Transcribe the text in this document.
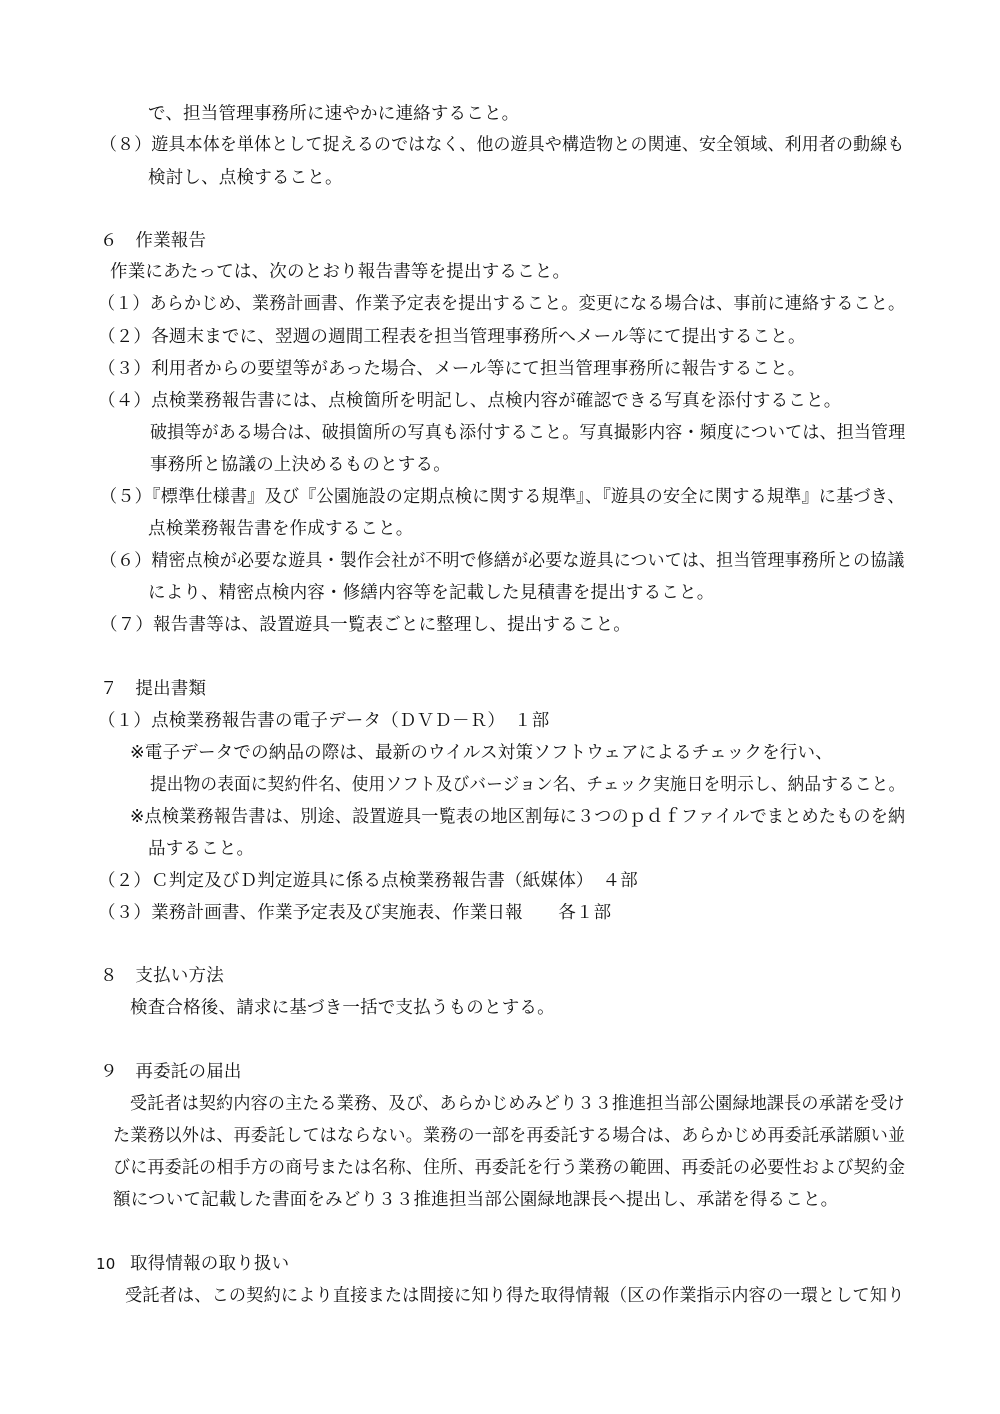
で、担当管理事務所に速やかに連絡すること。
（８）遊具本体を単体として捉えるのではなく、他の遊具や構造物との関連、安全領域、利用者の動線も
検討し、点検すること。
６　作業報告
作業にあたっては、次のとおり報告書等を提出すること。
（１）あらかじめ、業務計画書、作業予定表を提出すること。変更になる場合は、事前に連絡すること。
（２）各週末までに、翌週の週間工程表を担当管理事務所へメール等にて提出すること。
（３）利用者からの要望等があった場合、メール等にて担当管理事務所に報告すること。
（４）点検業務報告書には、点検箇所を明記し、点検内容が確認できる写真を添付すること。
破損等がある場合は、破損箇所の写真も添付すること。写真撮影内容・頻度については、担当管理
事務所と協議の上決めるものとする。
（５）『標準仕様書』及び『公園施設の定期点検に関する規準』、『遊具の安全に関する規準』に基づき、
点検業務報告書を作成すること。
（６）精密点検が必要な遊具・製作会社が不明で修繕が必要な遊具については、担当管理事務所との協議
により、精密点検内容・修繕内容等を記載した見積書を提出すること。
（７）報告書等は、設置遊具一覧表ごとに整理し、提出すること。
７　提出書類
（１）点検業務報告書の電子データ（ＤＶＤ－Ｒ）　１部
※電子データでの納品の際は、最新のウイルス対策ソフトウェアによるチェックを行い、
提出物の表面に契約件名、使用ソフト及びバージョン名、チェック実施日を明示し、納品すること。
※点検業務報告書は、別途、設置遊具一覧表の地区割毎に３つのｐｄｆファイルでまとめたものを納
品すること。
（２）Ｃ判定及びＤ判定遊具に係る点検業務報告書（紙媒体）　４部
（３）業務計画書、作業予定表及び実施表、作業日報　　各１部
８　支払い方法
検査合格後、請求に基づき一括で支払うものとする。
９　再委託の届出
受託者は契約内容の主たる業務、及び、あらかじめみどり３３推進担当部公園緑地課長の承諾を受け
た業務以外は、再委託してはならない。業務の一部を再委託する場合は、あらかじめ再委託承諾願い並
びに再委託の相手方の商号または名称、住所、再委託を行う業務の範囲、再委託の必要性および契約金
額について記載した書面をみどり３３推進担当部公園緑地課長へ提出し、承諾を得ること。
10 取得情報の取り扱い
受託者は、この契約により直接または間接に知り得た取得情報（区の作業指示内容の一環として知り
